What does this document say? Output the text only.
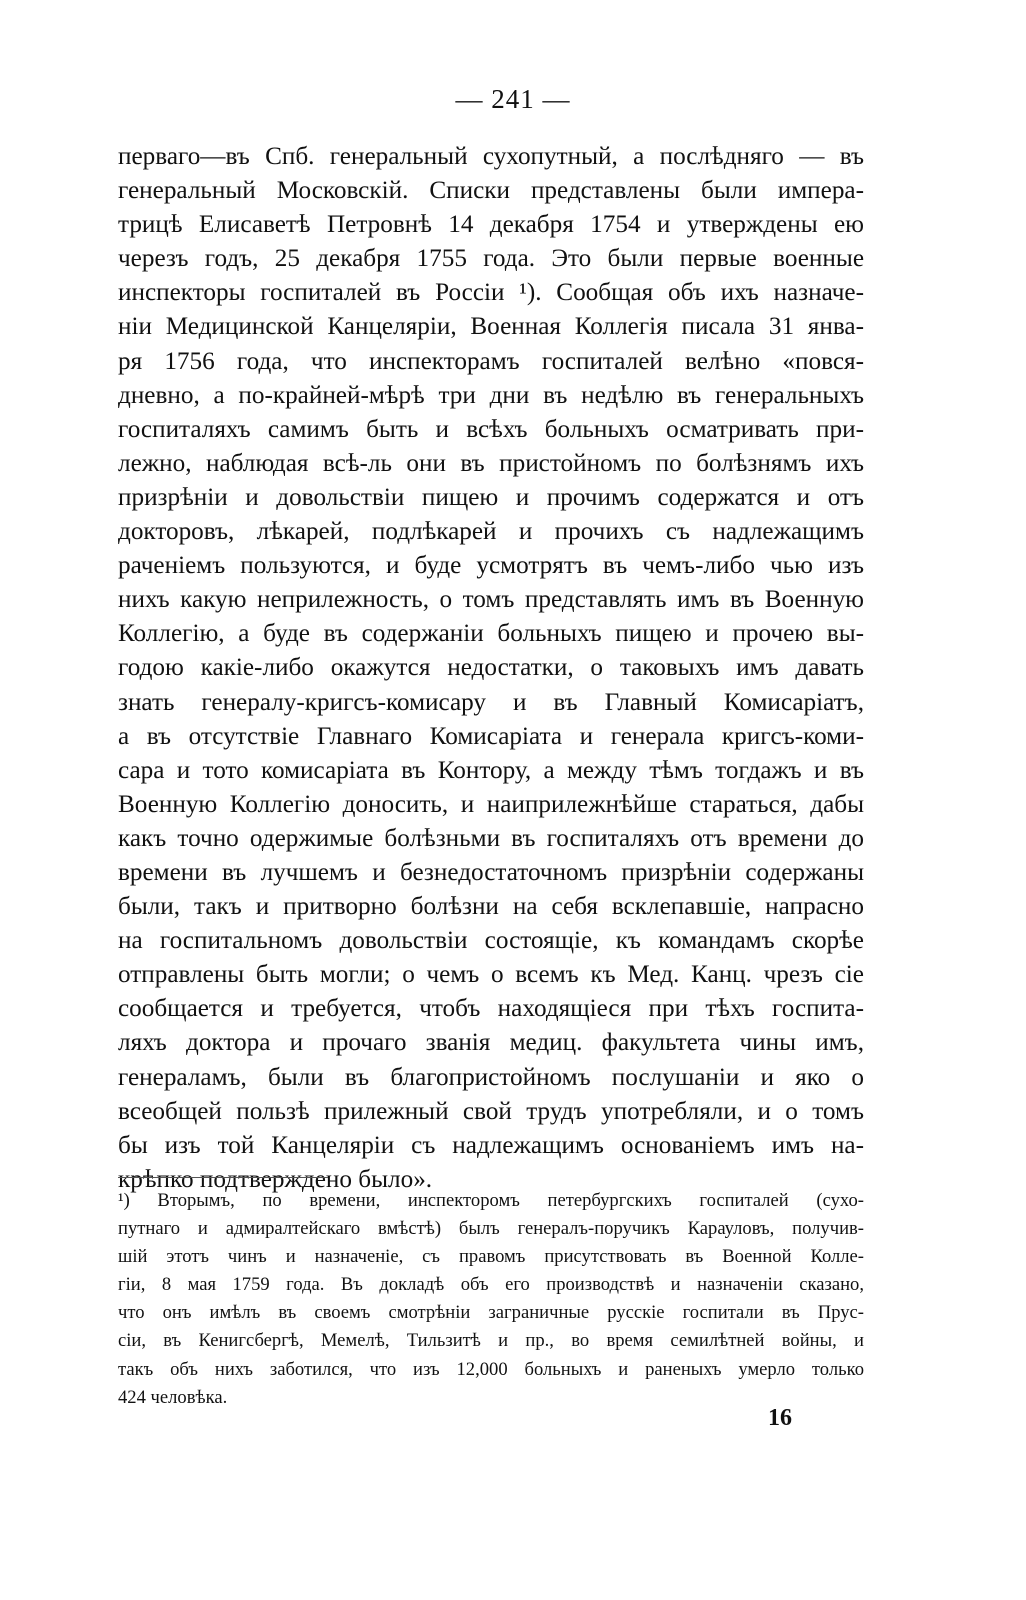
— 241 —
перваго—въ Спб. генеральный сухопутный, а послѣдняго — въ
генеральный Московскій. Списки представлены были импера-
трицѣ Елисаветѣ Петровнѣ 14 декабря 1754 и утверждены ею
черезъ годъ, 25 декабря 1755 года. Это были первые военные
инспекторы госпиталей въ Россіи ¹). Сообщая объ ихъ назначе-
ніи Медицинской Канцеляріи, Военная Коллегія писала 31 янва-
ря 1756 года, что инспекторамъ госпиталей велѣно «повся-
дневно, а по-крайней-мѣрѣ три дни въ недѣлю въ генеральныхъ
госпиталяхъ самимъ быть и всѣхъ больныхъ осматривать при-
лежно, наблюдая всѣ-ль они въ пристойномъ по болѣзнямъ ихъ
призрѣніи и довольствіи пищею и прочимъ содержатся и отъ
докторовъ, лѣкарей, подлѣкарей и прочихъ съ надлежащимъ
раченіемъ пользуются, и буде усмотрятъ въ чемъ-либо чью изъ
нихъ какую неприлежность, о томъ представлять имъ въ Военную
Коллегію, а буде въ содержаніи больныхъ пищею и прочею вы-
годою какіе-либо окажутся недостатки, о таковыхъ имъ давать
знать генералу-кригсъ-комисару и въ Главный Комисаріатъ,
а въ отсутствіе Главнаго Комисаріата и генерала кригсъ-коми-
сара и тото комисаріата въ Контору, а между тѣмъ тогдажъ и въ
Военную Коллегію доносить, и наиприлежнѣйше стараться, дабы
какъ точно одержимые болѣзньми въ госпиталяхъ отъ времени до
времени въ лучшемъ и безнедостаточномъ призрѣніи содержаны
были, такъ и притворно болѣзни на себя всклепавшіе, напрасно
на госпитальномъ довольствіи состоящіе, къ командамъ скорѣе
отправлены быть могли; о чемъ о всемъ къ Мед. Канц. чрезъ сіе
сообщается и требуется, чтобъ находящіеся при тѣхъ госпита-
ляхъ доктора и прочаго званія медиц. факультета чины имъ,
генераламъ, были въ благопристойномъ послушаніи и яко о
всеобщей пользѣ прилежный свой трудъ употребляли, и о томъ
бы изъ той Канцеляріи съ надлежащимъ основаніемъ имъ на-
крѣпко подтверждено было».
¹) Вторымъ, по времени, инспекторомъ петербургскихъ госпиталей (сухо-
путнаго и адмиралтейскаго вмѣстѣ) былъ генералъ-поручикъ Карауловъ, получив-
шій этотъ чинъ и назначеніе, съ правомъ присутствовать въ Военной Колле-
гіи, 8 мая 1759 года. Въ докладѣ объ его производствѣ и назначеніи сказано,
что онъ имѣлъ въ своемъ смотрѣніи заграничные русскіе госпитали въ Прус-
сіи, въ Кенигсбергѣ, Мемелѣ, Тильзитѣ и пр., во время семилѣтней войны, и
такъ объ нихъ заботился, что изъ 12,000 больныхъ и раненыхъ умерло только
424 человѣка.
16
